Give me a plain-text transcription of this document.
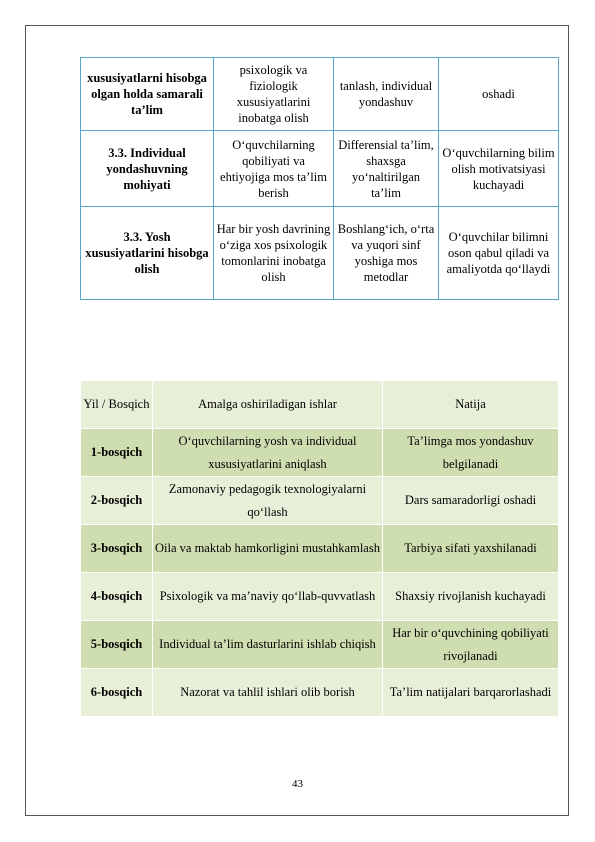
xususiyatlarni hisobga olgan holda samarali ta’lim	psixologik va fiziologik xususiyatlarini inobatga olish	tanlash, individual yondashuv	oshadi
3.3. Individual yondashuvning mohiyati	O‘quvchilarning qobiliyati va ehtiyojiga mos ta’lim berish	Differensial ta’lim, shaxsga yo‘naltirilgan ta’lim	O‘quvchilarning bilim olish motivatsiyasi kuchayadi
3.3. Yosh xususiyatlarini hisobga olish	Har bir yosh davrining o‘ziga xos psixologik tomonlarini inobatga olish	Boshlang‘ich, o‘rta va yuqori sinf yoshiga mos metodlar	O‘quvchilar bilimni oson qabul qiladi va amaliyotda qo‘llaydi
Yil / Bosqich	Amalga oshiriladigan ishlar	Natija
1-bosqich	O‘quvchilarning yosh va individual xususiyatlarini aniqlash	Ta’limga mos yondashuv belgilanadi
2-bosqich	Zamonaviy pedagogik texnologiyalarni qo‘llash	Dars samaradorligi oshadi
3-bosqich	Oila va maktab hamkorligini mustahkamlash	Tarbiya sifati yaxshilanadi
4-bosqich	Psixologik va ma’naviy qo‘llab-quvvatlash	Shaxsiy rivojlanish kuchayadi
5-bosqich	Individual ta’lim dasturlarini ishlab chiqish	Har bir o‘quvchining qobiliyati rivojlanadi
6-bosqich	Nazorat va tahlil ishlari olib borish	Ta’lim natijalari barqarorlashadi
43
